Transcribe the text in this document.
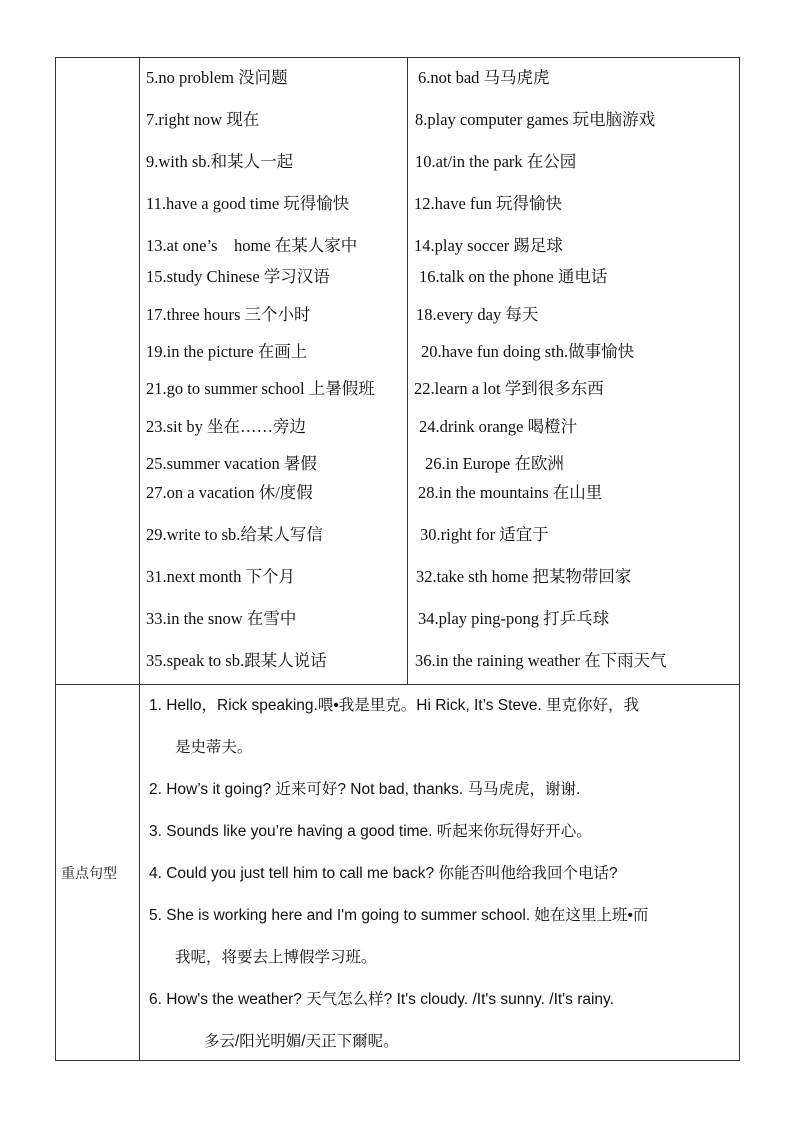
5.no problem 没问题
7.right now 现在
9.with sb.和某人一起
11.have a good time 玩得愉快
13.at one’s　home 在某人家中
15.study Chinese 学习汉语
17.three hours 三个小时
19.in the picture 在画上
21.go to summer school 上暑假班
23.sit by 坐在……旁边
25.summer vacation 暑假
27.on a vacation 休/度假
29.write to sb.给某人写信
31.next month 下个月
33.in the snow 在雪中
35.speak to sb.跟某人说话
6.not bad 马马虎虎
8.play computer games 玩电脑游戏
10.at/in the park 在公园
12.have fun 玩得愉快
14.play soccer 踢足球
16.talk on the phone 通电话
18.every day 每天
20.have fun doing sth.做事愉快
22.learn a lot 学到很多东西
24.drink orange 喝橙汁
26.in Europe 在欧洲
28.in the mountains 在山里
30.right for 适宜于
32.take sth home 把某物带回家
34.play ping-pong 打乒乓球
36.in the raining weather 在下雨天气
重点句型
1. Hello，Rick speaking.喂•我是里克。Hi Rick, It’s Steve. 里克你好，我
是史蒂夫。
2. How’s it going? 近来可好? Not bad, thanks. 马马虎虎，谢谢.
3. Sounds like you’re having a good time. 听起来你玩得好开心。
4. Could you just tell him to call me back? 你能否叫他给我回个电话?
5. She is working here and I'm going to summer school. 她在这里上班•而
我呢，将要去上博假学习班。
6. How's the weather? 天气怎么样? It's cloudy. /It's sunny. /It's rainy.
多云/阳光明媚/天正下爾呢。
